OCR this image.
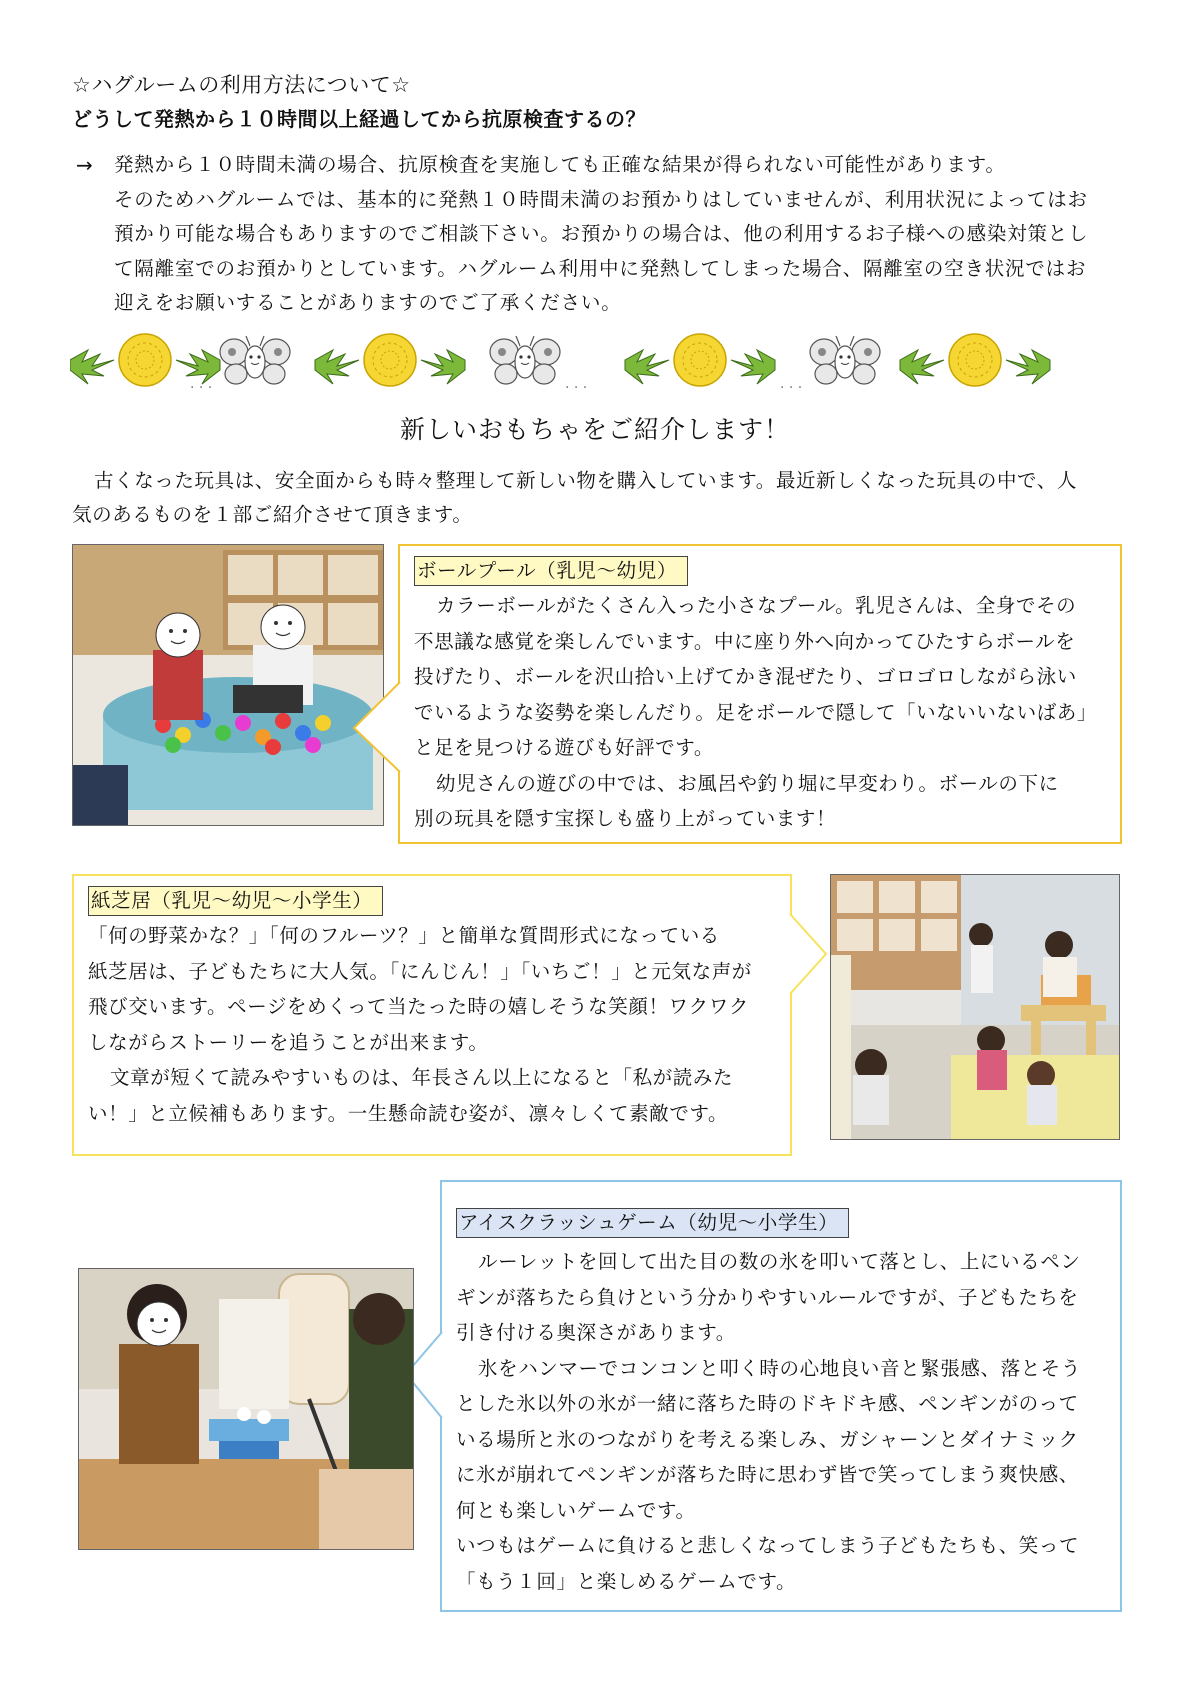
☆ハグルームの利用方法について☆
どうして発熱から１０時間以上経過してから抗原検査するの？
→ 発熱から１０時間未満の場合、抗原検査を実施しても正確な結果が得られない可能性があります。
そのためハグルームでは、基本的に発熱１０時間未満のお預かりはしていませんが、利用状況によってはお
預かり可能な場合もありますのでご相談下さい。お預かりの場合は、他の利用するお子様への感染対策とし
て隔離室でのお預かりとしています。ハグルーム利用中に発熱してしまった場合、隔離室の空き状況ではお
迎えをお願いすることがありますのでご了承ください。
. . .	. . .	. . .
新しいおもちゃをご紹介します！
古くなった玩具は、安全面からも時々整理して新しい物を購入しています。最近新しくなった玩具の中で、人
気のあるものを１部ご紹介させて頂きます。
ボールプール（乳児〜幼児）
カラーボールがたくさん入った小さなプール。乳児さんは、全身でその
不思議な感覚を楽しんでいます。中に座り外へ向かってひたすらボールを
投げたり、ボールを沢山拾い上げてかき混ぜたり、ゴロゴロしながら泳い
でいるような姿勢を楽しんだり。足をボールで隠して「いないいないばあ」
と足を見つける遊びも好評です。
幼児さんの遊びの中では、お風呂や釣り堀に早変わり。ボールの下に
別の玩具を隠す宝探しも盛り上がっています！
紙芝居（乳児〜幼児〜小学生）
「何の野菜かな？」「何のフルーツ？」と簡単な質問形式になっている
紙芝居は、子どもたちに大人気。「にんじん！」「いちご！」と元気な声が
飛び交います。ページをめくって当たった時の嬉しそうな笑顔！ワクワク
しながらストーリーを追うことが出来ます。
文章が短くて読みやすいものは、年長さん以上になると「私が読みた
い！」と立候補もあります。一生懸命読む姿が、凛々しくて素敵です。
アイスクラッシュゲーム（幼児〜小学生）
ルーレットを回して出た目の数の氷を叩いて落とし、上にいるペン
ギンが落ちたら負けという分かりやすいルールですが、子どもたちを
引き付ける奥深さがあります。
氷をハンマーでコンコンと叩く時の心地良い音と緊張感、落とそう
とした氷以外の氷が一緒に落ちた時のドキドキ感、ペンギンがのって
いる場所と氷のつながりを考える楽しみ、ガシャーンとダイナミック
に氷が崩れてペンギンが落ちた時に思わず皆で笑ってしまう爽快感、
何とも楽しいゲームです。
いつもはゲームに負けると悲しくなってしまう子どもたちも、笑って
「もう１回」と楽しめるゲームです。
